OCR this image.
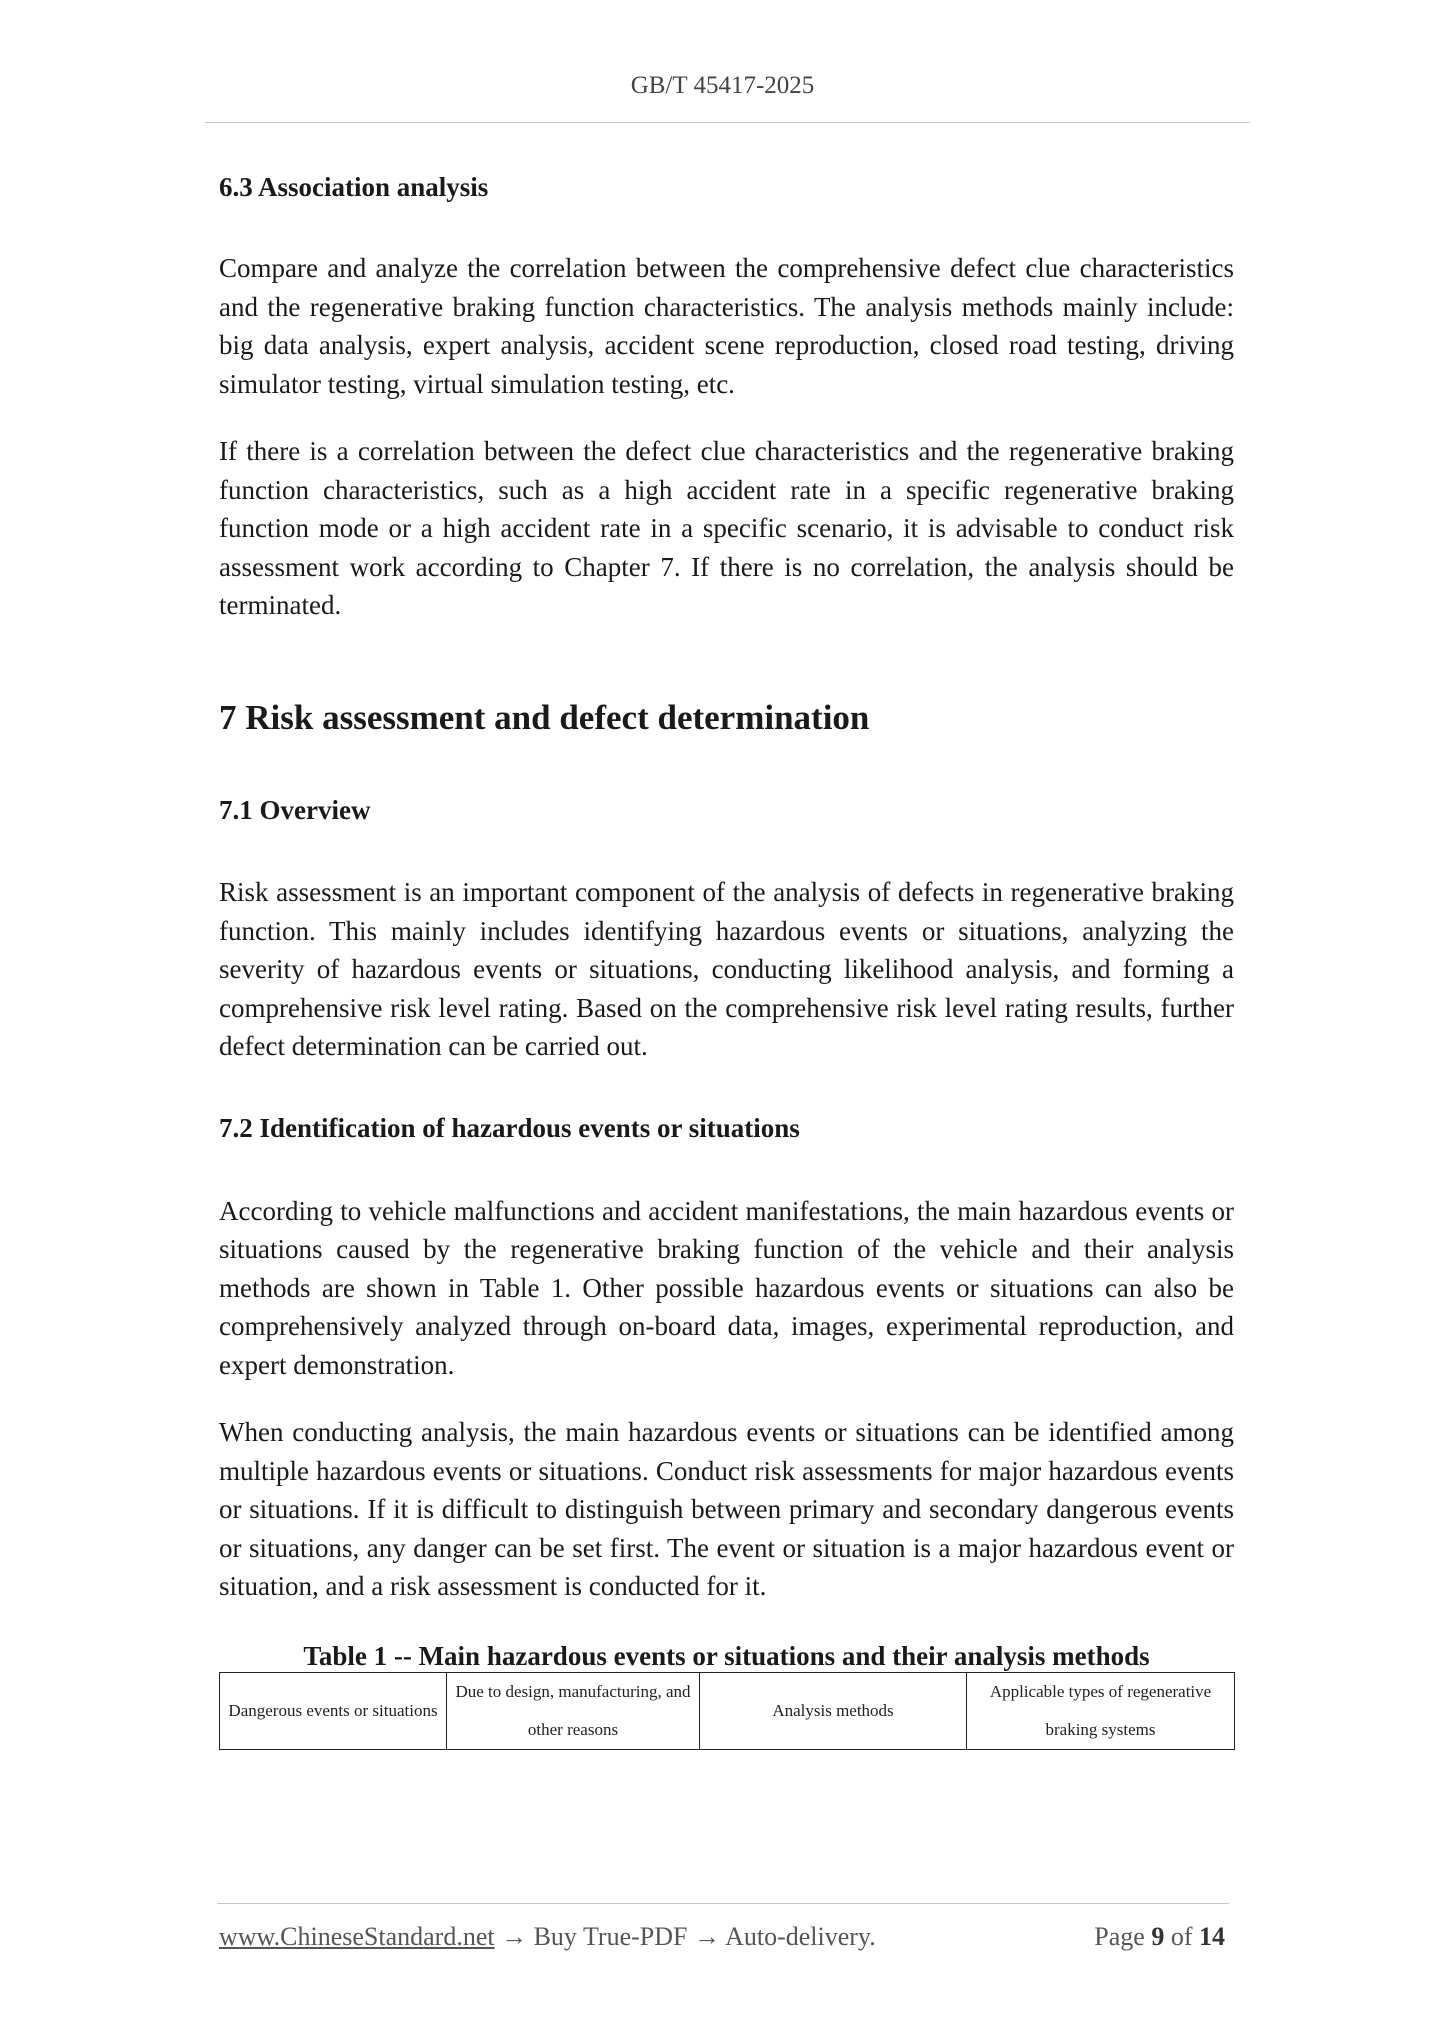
GB/T 45417-2025
6.3 Association analysis

Compare and analyze the correlation between the comprehensive defect clue characteristics and the regenerative braking function characteristics. The analysis methods mainly include: big data analysis, expert analysis, accident scene reproduction, closed road testing, driving simulator testing, virtual simulation testing, etc.

If there is a correlation between the defect clue characteristics and the regenerative braking function characteristics, such as a high accident rate in a specific regenerative braking function mode or a high accident rate in a specific scenario, it is advisable to conduct risk assessment work according to Chapter 7. If there is no correlation, the analysis should be terminated.

7 Risk assessment and defect determination
7.1 Overview

Risk assessment is an important component of the analysis of defects in regenerative braking function. This mainly includes identifying hazardous events or situations, analyzing the severity of hazardous events or situations, conducting likelihood analysis, and forming a comprehensive risk level rating. Based on the comprehensive risk level rating results, further defect determination can be carried out.

7.2 Identification of hazardous events or situations

According to vehicle malfunctions and accident manifestations, the main hazardous events or situations caused by the regenerative braking function of the vehicle and their analysis methods are shown in Table 1. Other possible hazardous events or situations can also be comprehensively analyzed through on-board data, images, experimental reproduction, and expert demonstration.

When conducting analysis, the main hazardous events or situations can be identified among multiple hazardous events or situations. Conduct risk assessments for major hazardous events or situations. If it is difficult to distinguish between primary and secondary dangerous events or situations, any danger can be set first. The event or situation is a major hazardous event or situation, and a risk assessment is conducted for it.

Table 1 -- Main hazardous events or situations and their analysis methods
Dangerous events or situations	Due to design, manufacturing, and other reasons	Analysis methods	Applicable types of regenerative braking systems
www.ChineseStandard.net → Buy True-PDF → Auto-delivery.	Page 9 of 14
